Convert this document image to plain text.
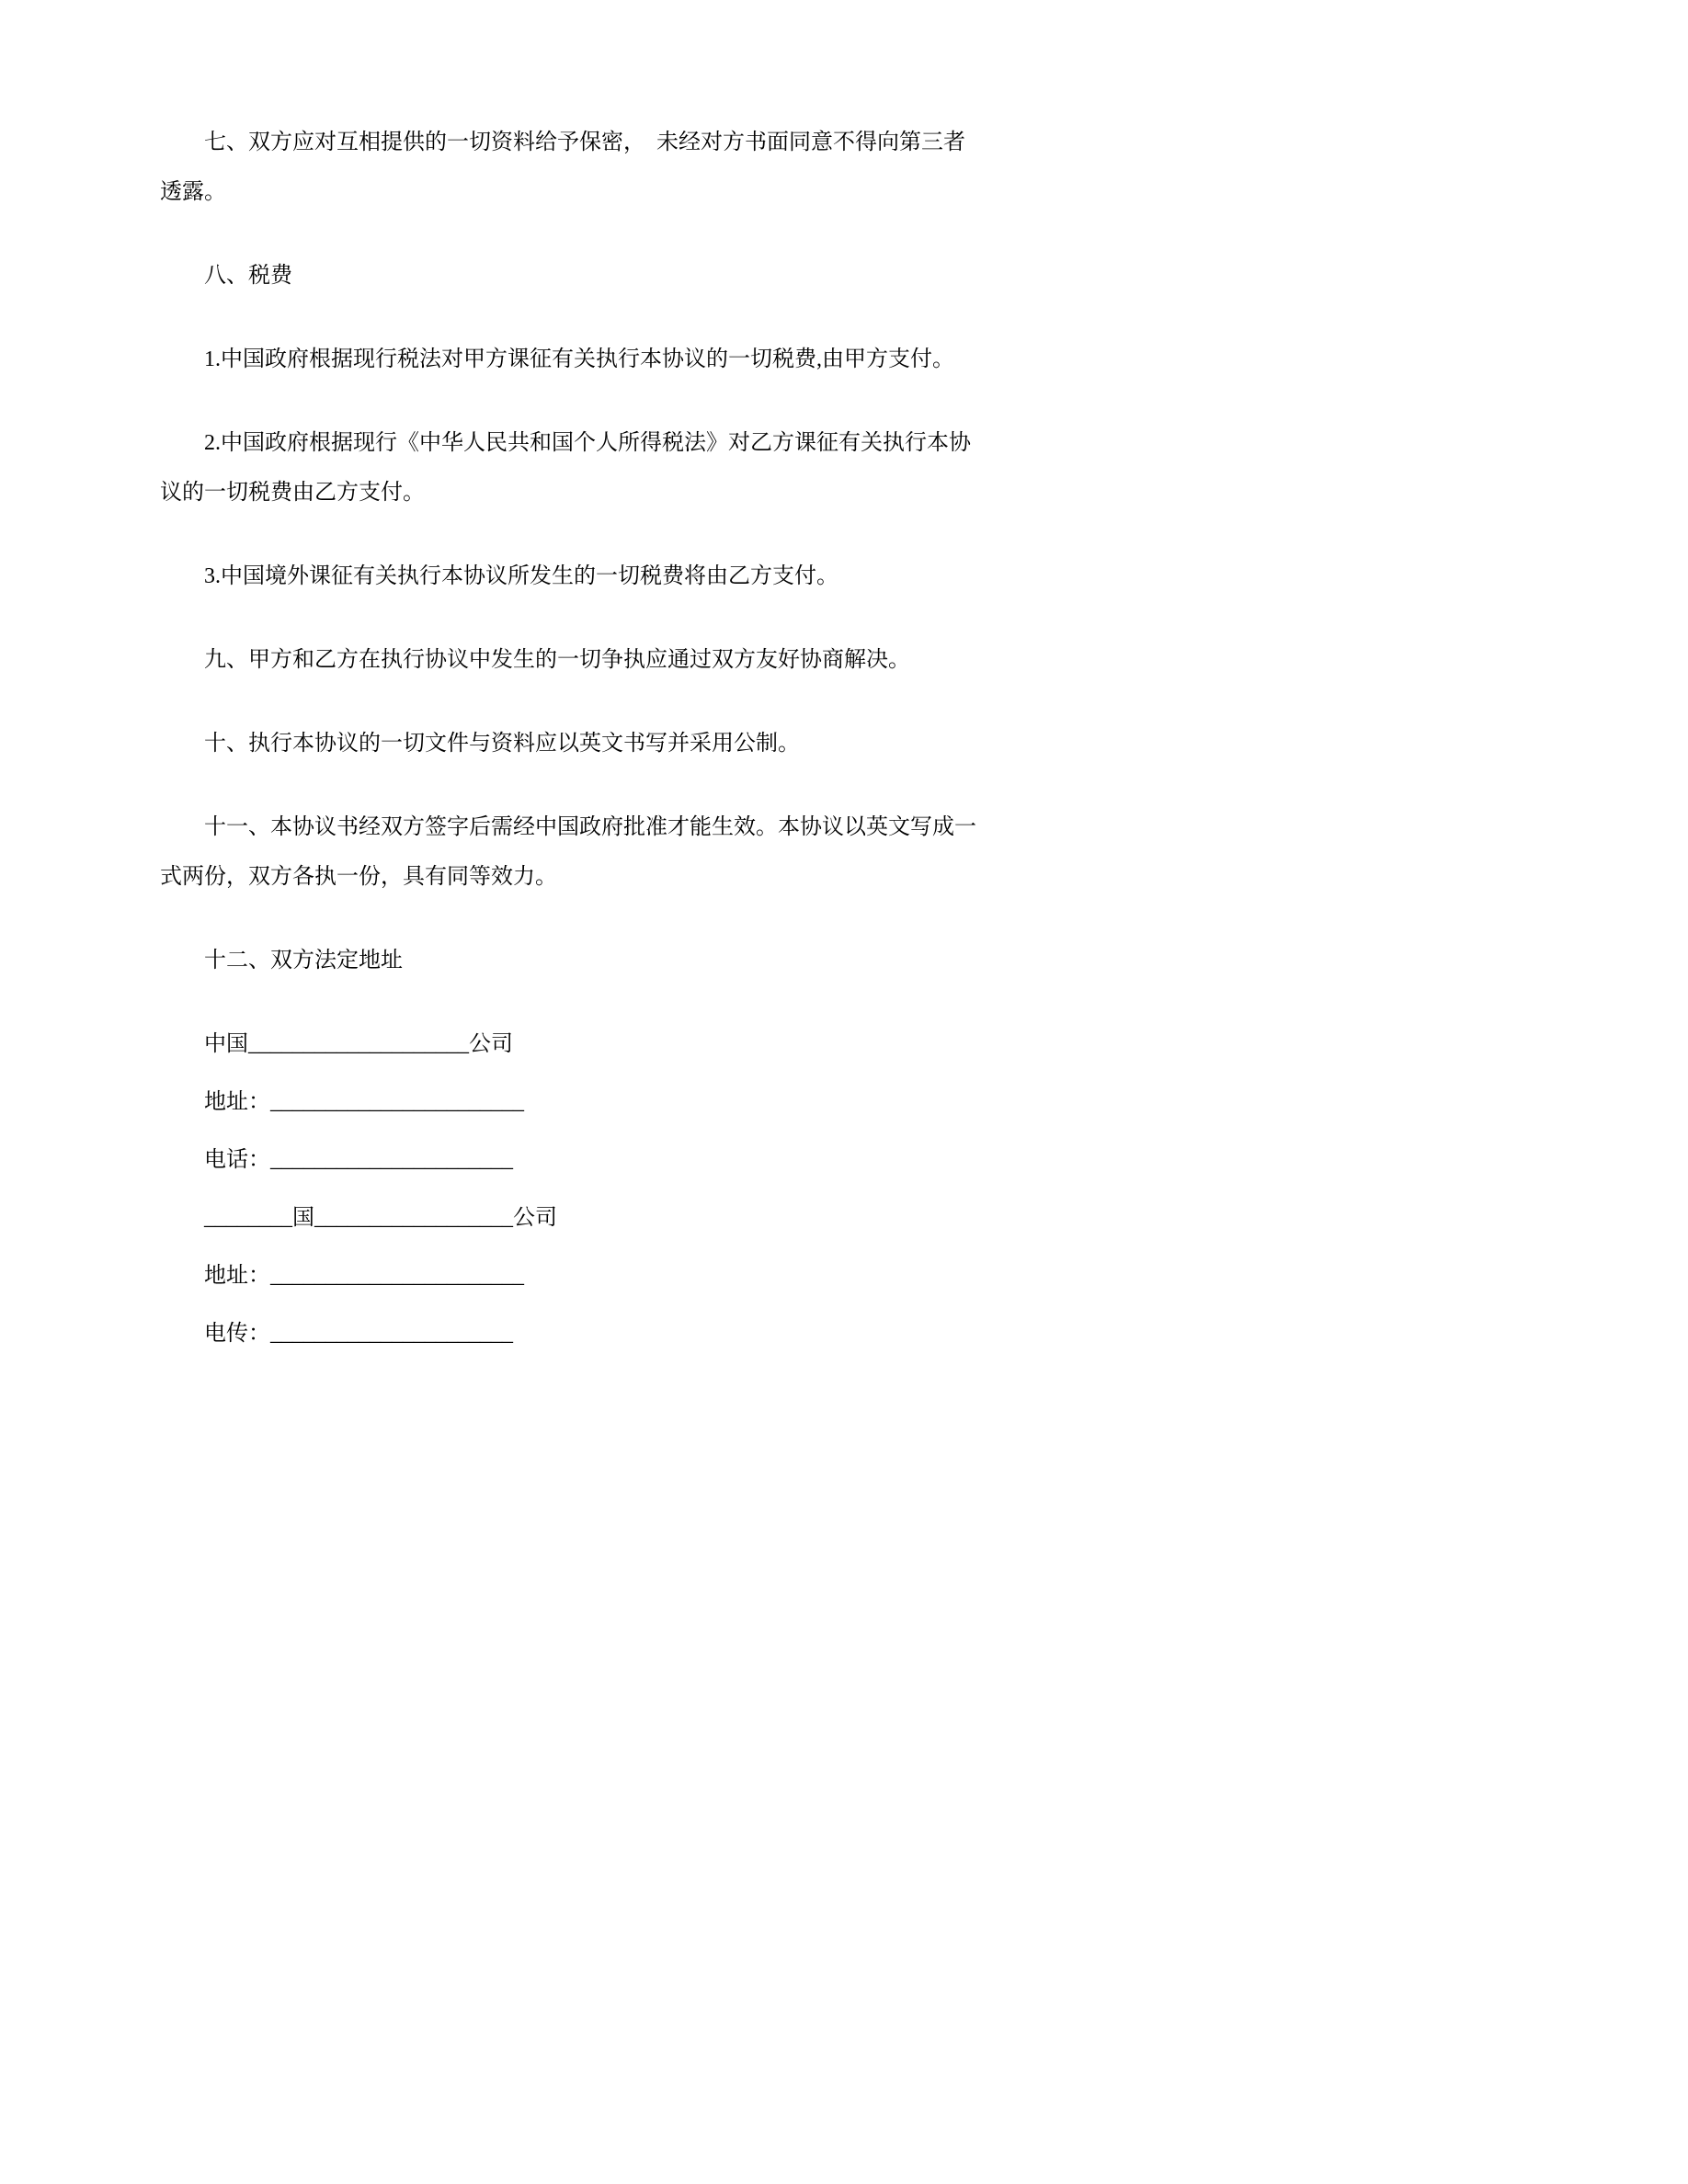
七、双方应对互相提供的一切资料给予保密，　未经对方书面同意不得向第三者透露。

八、税费

1.中国政府根据现行税法对甲方课征有关执行本协议的一切税费,由甲方支付。

2.中国政府根据现行《中华人民共和国个人所得税法》对乙方课征有关执行本协议的一切税费由乙方支付。

3.中国境外课征有关执行本协议所发生的一切税费将由乙方支付。

九、甲方和乙方在执行协议中发生的一切争执应通过双方友好协商解决。

十、执行本协议的一切文件与资料应以英文书写并采用公制。

十一、本协议书经双方签字后需经中国政府批准才能生效。本协议以英文写成一式两份，双方各执一份，具有同等效力。

十二、双方法定地址

中国____________________公司

地址：_______________________

电话：______________________

________国__________________公司

地址：_______________________

电传：______________________
